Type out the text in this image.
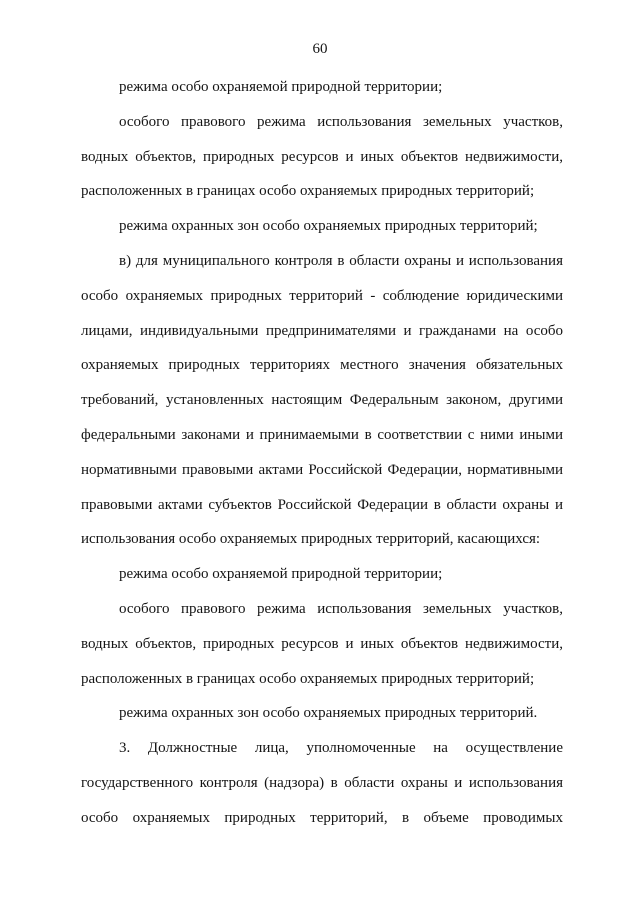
60
режима особо охраняемой природной территории;
особого правового режима использования земельных участков,
водных объектов, природных ресурсов и иных объектов недвижимости,
расположенных в границах особо охраняемых природных территорий;
режима охранных зон особо охраняемых природных территорий;
в) для муниципального контроля в области охраны и использования
особо охраняемых природных территорий - соблюдение юридическими
лицами, индивидуальными предпринимателями и гражданами на особо
охраняемых природных территориях местного значения обязательных
требований, установленных настоящим Федеральным законом, другими
федеральными законами и принимаемыми в соответствии с ними иными
нормативными правовыми актами Российской Федерации, нормативными
правовыми актами субъектов Российской Федерации в области охраны и
использования особо охраняемых природных территорий, касающихся:
режима особо охраняемой природной территории;
особого правового режима использования земельных участков,
водных объектов, природных ресурсов и иных объектов недвижимости,
расположенных в границах особо охраняемых природных территорий;
режима охранных зон особо охраняемых природных территорий.
3. Должностные лица, уполномоченные на осуществление
государственного контроля (надзора) в области охраны и использования
особо охраняемых природных территорий, в объеме проводимых
